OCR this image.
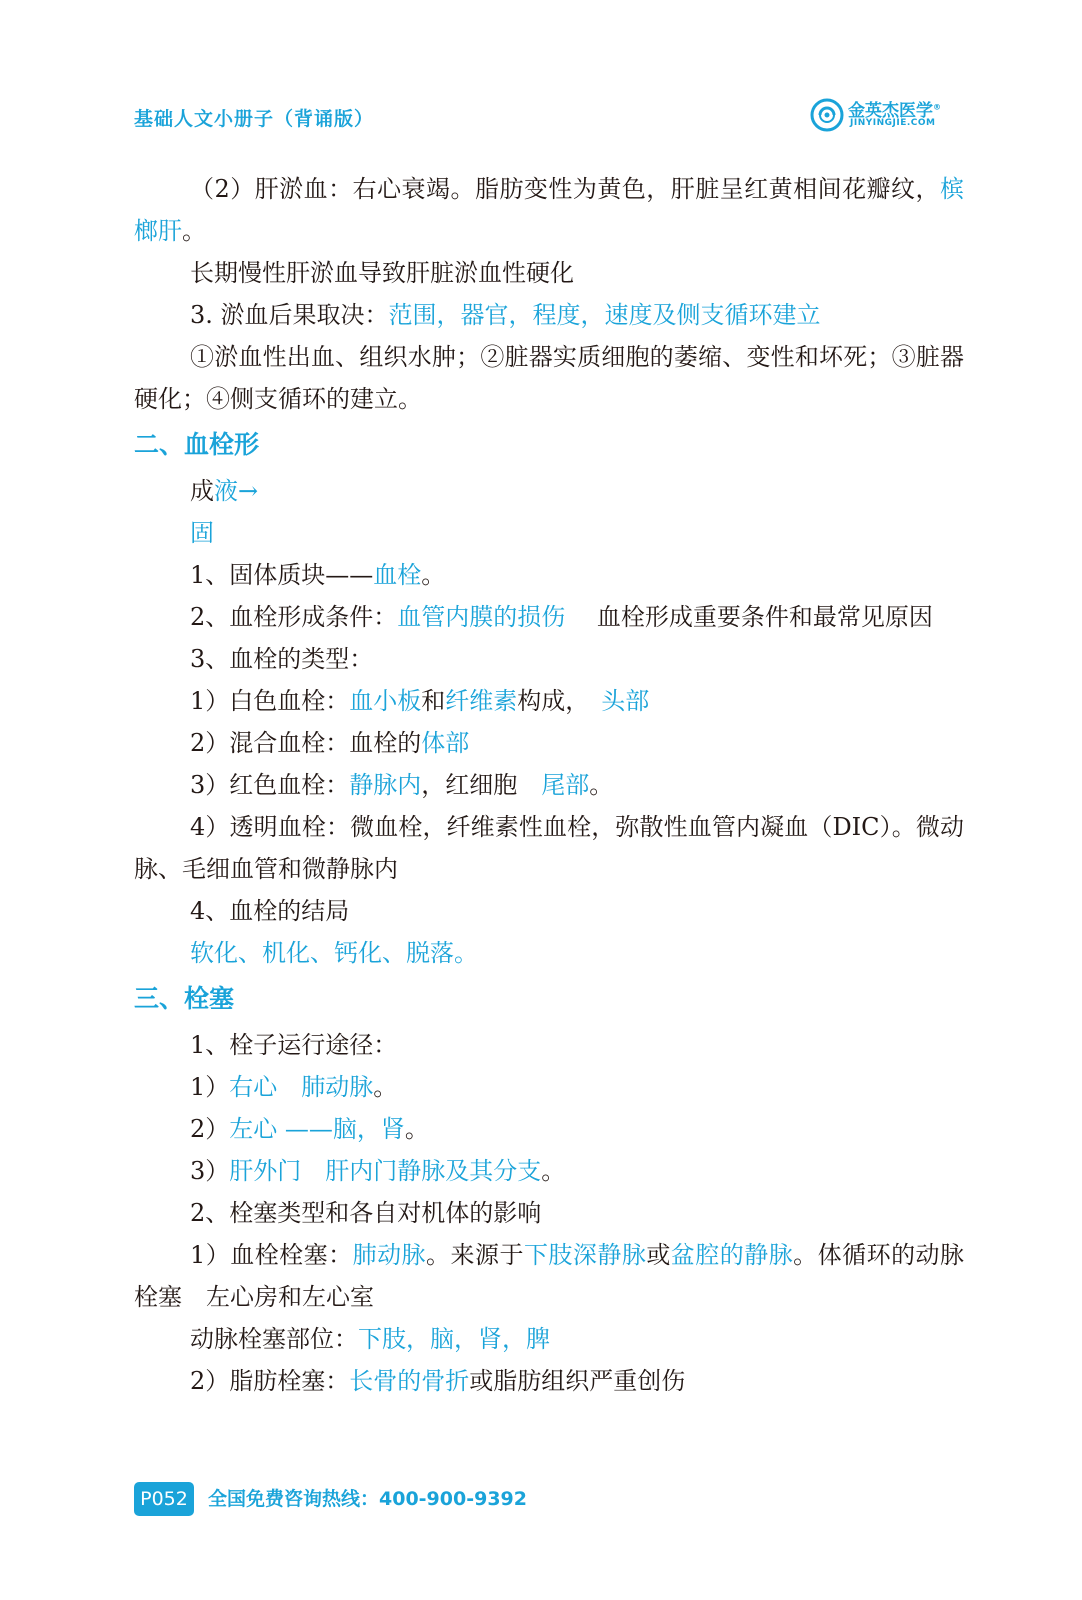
基础人文小册子（背诵版）	金英杰医学®
JINYINGJIE.COM

（2）肝淤血：右心衰竭。脂肪变性为黄色，肝脏呈红黄相间花瓣纹，槟榔肝。

长期慢性肝淤血导致肝脏淤血性硬化

3. 淤血后果取决：范围，器官，程度，速度及侧支循环建立

①淤血性出血、组织水肿；②脏器实质细胞的萎缩、变性和坏死；③脏器硬化；④侧支循环的建立。

二、血栓形

成液→

固

1、固体质块——血栓。

2、血栓形成条件：血管内膜的损伤　 血栓形成重要条件和最常见原因

3、血栓的类型：

1）白色血栓：血小板和纤维素构成，　头部

2）混合血栓：血栓的体部

3）红色血栓：静脉内，红细胞　尾部。

4）透明血栓：微血栓，纤维素性血栓，弥散性血管内凝血（DIC）。微动脉、毛细血管和微静脉内

4、血栓的结局

软化、机化、钙化、脱落。

三、栓塞

1、栓子运行途径：

1）右心　肺动脉。

2）左心 ——脑，肾。

3）肝外门　肝内门静脉及其分支。

2、栓塞类型和各自对机体的影响

1）血栓栓塞：肺动脉。来源于下肢深静脉或盆腔的静脉。体循环的动脉栓塞　左心房和左心室

动脉栓塞部位：下肢，脑，肾，脾

2）脂肪栓塞：长骨的骨折或脂肪组织严重创伤

P052	全国免费咨询热线：400-900-9392
